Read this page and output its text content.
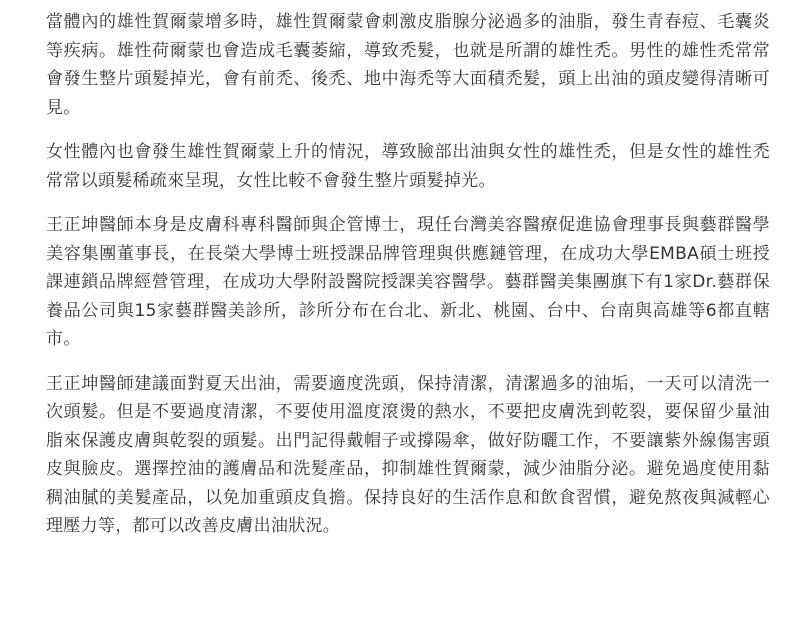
當體內的雄性賀爾蒙增多時，雄性賀爾蒙會刺激皮脂腺分泌過多的油脂，發生青春痘、毛囊炎等疾病。雄性荷爾蒙也會造成毛囊萎縮，導致禿髮，也就是所謂的雄性禿。男性的雄性禿常常會發生整片頭髮掉光，會有前禿、後禿、地中海禿等大面積禿髮，頭上出油的頭皮變得清晰可見。

女性體內也會發生雄性賀爾蒙上升的情況，導致臉部出油與女性的雄性禿，但是女性的雄性禿常常以頭髮稀疏來呈現，女性比較不會發生整片頭髮掉光。

王正坤醫師本身是皮膚科專科醫師與企管博士，現任台灣美容醫療促進協會理事長與藝群醫學美容集團董事長，在長榮大學博士班授課品牌管理與供應鏈管理，在成功大學EMBA碩士班授課連鎖品牌經營管理，在成功大學附設醫院授課美容醫學。藝群醫美集團旗下有1家Dr.藝群保養品公司與15家藝群醫美診所，診所分布在台北、新北、桃園、台中、台南與高雄等6都直轄市。

王正坤醫師建議面對夏天出油，需要適度洗頭，保持清潔，清潔過多的油垢，一天可以清洗一次頭髮。但是不要過度清潔，不要使用溫度滾燙的熱水，不要把皮膚洗到乾裂，要保留少量油脂來保護皮膚與乾裂的頭髮。出門記得戴帽子或撐陽傘，做好防曬工作，不要讓紫外線傷害頭皮與臉皮。選擇控油的護膚品和洗髮產品，抑制雄性賀爾蒙，減少油脂分泌。避免過度使用黏稠油膩的美髮產品，以免加重頭皮負擔。保持良好的生活作息和飲食習慣，避免熬夜與減輕心理壓力等，都可以改善皮膚出油狀況。
